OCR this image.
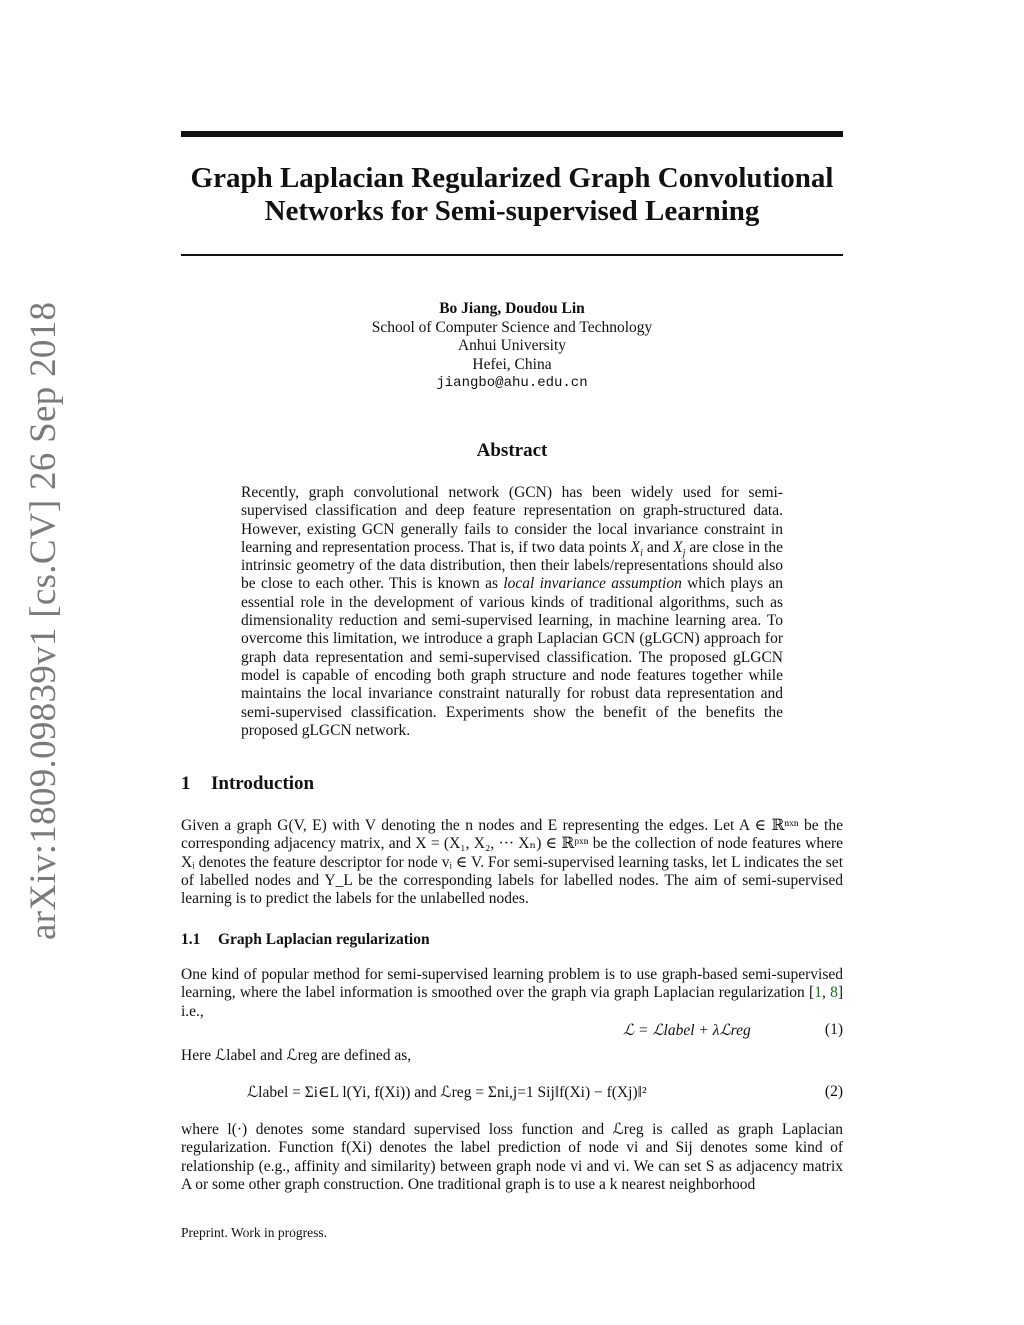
Graph Laplacian Regularized Graph Convolutional
Networks for Semi-supervised Learning
Bo Jiang, Doudou Lin
School of Computer Science and Technology
Anhui University
Hefei, China
jiangbo@ahu.edu.cn
arXiv:1809.09839v1 [cs.CV] 26 Sep 2018	Abstract
Recently, graph convolutional network (GCN) has been widely used for semi-supervised classification and deep feature representation on graph-structured data. However, existing GCN generally fails to consider the local invariance constraint in learning and representation process. That is, if two data points $X_i$ and $X_j$ are close in the intrinsic geometry of the data distribution, then their labels/representations should also be close to each other. This is known as local invariance assumption which plays an essential role in the development of various kinds of traditional algorithms, such as dimensionality reduction and semi-supervised learning, in machine learning area. To overcome this limitation, we introduce a graph Laplacian GCN (gLGCN) approach for graph data representation and semi-supervised classification. The proposed gLGCN model is capable of encoding both graph structure and node features together while maintains the local invariance constraint naturally for robust data representation and semi-supervised classification. Experiments show the benefit of the benefits the proposed gLGCN network.
1 Introduction
Given a graph G(V, E) with V denoting the n nodes and E representing the edges. Let A ∈ ℝⁿˣⁿ be the corresponding adjacency matrix, and X = (X₁, X₂, ··· Xₙ) ∈ ℝᵖˣⁿ be the collection of node features where Xᵢ denotes the feature descriptor for node vᵢ ∈ V. For semi-supervised learning tasks, let L indicates the set of labelled nodes and Y_L be the corresponding labels for labelled nodes. The aim of semi-supervised learning is to predict the labels for the unlabelled nodes.
1.1 Graph Laplacian regularization
One kind of popular method for semi-supervised learning problem is to use graph-based semi-supervised learning, where the label information is smoothed over the graph via graph Laplacian regularization [1, 8] i.e.,
ℒ = ℒlabel + λℒreg	(1)
Here ℒlabel and ℒreg are defined as,
ℒlabel = Σi∈L l(Yi, f(Xi)) and ℒreg = Σni,j=1 Sij‖f(Xi) − f(Xj)‖²	(2)
where l(·) denotes some standard supervised loss function and ℒreg is called as graph Laplacian regularization. Function f(Xi) denotes the label prediction of node vi and Sij denotes some kind of relationship (e.g., affinity and similarity) between graph node vi and vi. We can set S as adjacency matrix A or some other graph construction. One traditional graph is to use a k nearest neighborhood
Preprint. Work in progress.
